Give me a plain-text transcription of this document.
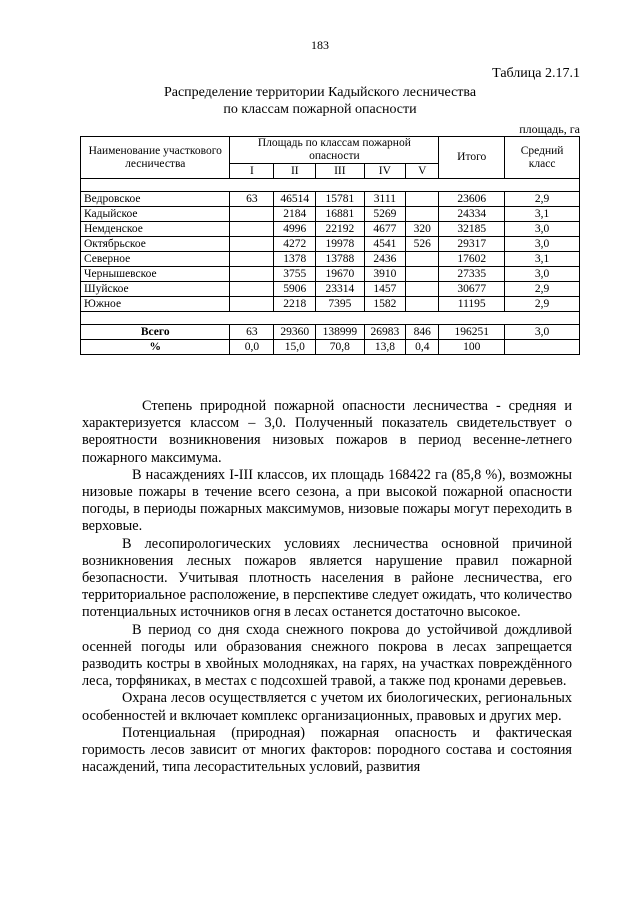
183
Таблица 2.17.1
Распределение территории Кадыйского лесничества
по классам пожарной опасности
площадь, га
Наименование участкового лесничества	Площадь по классам пожарной опасности					Итого	Средний класс
	I	II	III	IV	V		

Ведровское	63	46514	15781	3111		23606	2,9
Кадыйское		2184	16881	5269		24334	3,1
Немденское		4996	22192	4677	320	32185	3,0
Октябрьское		4272	19978	4541	526	29317	3,0
Северное		1378	13788	2436		17602	3,1
Чернышевское		3755	19670	3910		27335	3,0
Шуйское		5906	23314	1457		30677	2,9
Южное		2218	7395	1582		11195	2,9

Всего	63	29360	138999	26983	846	196251	3,0
%	0,0	15,0	70,8	13,8	0,4	100	

Степень природной пожарной опасности лесничества - средняя и характеризуется классом – 3,0. Полученный показатель свидетельствует о вероятности возникновения низовых пожаров в период весенне-летнего пожарного максимума.

В насаждениях I-III классов, их площадь 168422 га (85,8 %), возможны низовые пожары в течение всего сезона, а при высокой пожарной опасности погоды, в периоды пожарных максимумов, низовые пожары могут переходить в верховые.

В лесопирологических условиях лесничества основной причиной возникновения лесных пожаров является нарушение правил пожарной безопасности. Учитывая плотность населения в районе лесничества, его территориальное расположение, в перспективе следует ожидать, что количество потенциальных источников огня в лесах останется достаточно высокое.

В период со дня схода снежного покрова до устойчивой дождливой осенней погоды или образования снежного покрова в лесах запрещается разводить костры в хвойных молодняках, на гарях, на участках повреждённого леса, торфяниках, в местах с подсохшей травой, а также под кронами деревьев.

Охрана лесов осуществляется с учетом их биологических, региональных особенностей и включает комплекс организационных, правовых и других мер.

Потенциальная (природная) пожарная опасность и фактическая горимость лесов зависит от многих факторов: породного состава и состояния насаждений, типа лесорастительных условий, развития
